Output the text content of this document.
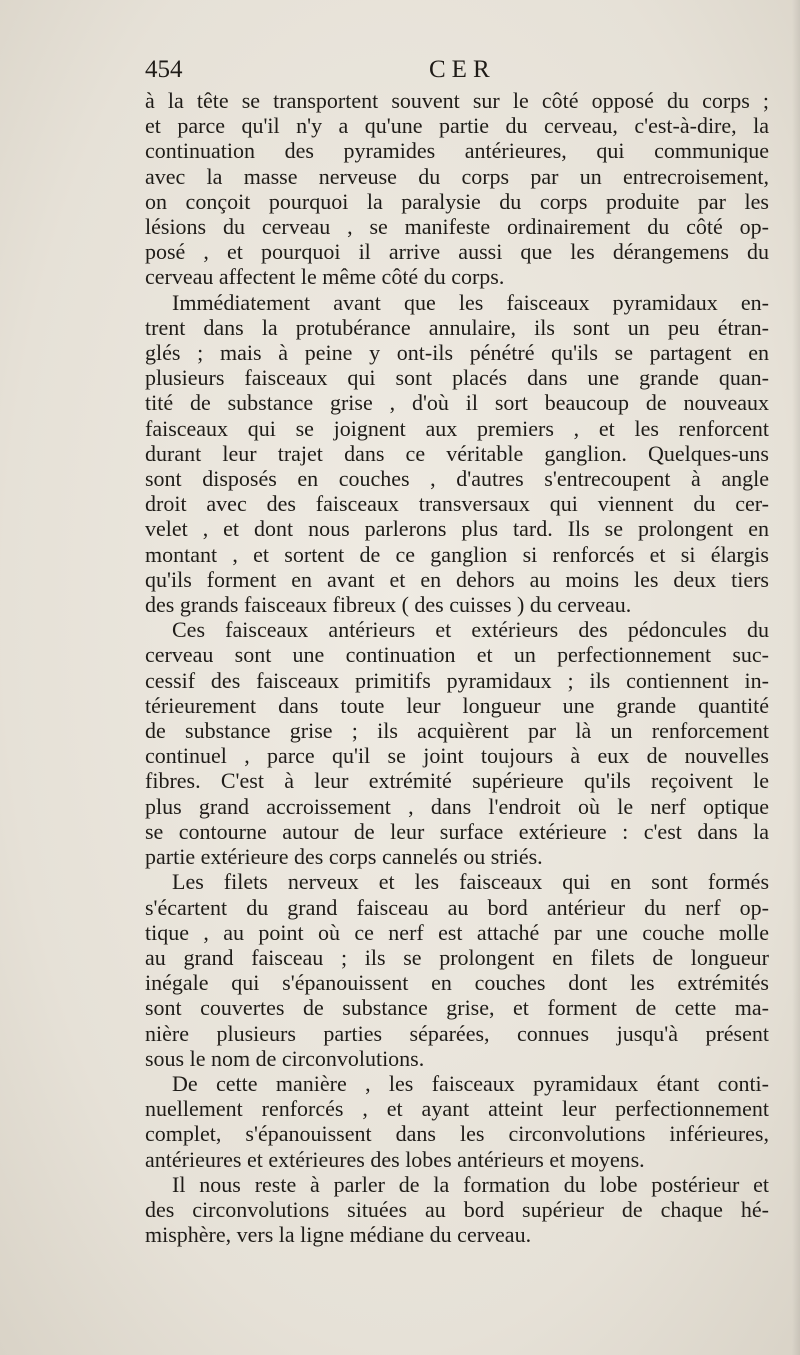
454	CER

à la tête se transportent souvent sur le côté opposé du corps ;
et parce qu'il n'y a qu'une partie du cerveau, c'est-à-dire, la
continuation des pyramides antérieures, qui communique
avec la masse nerveuse du corps par un entrecroisement,
on conçoit pourquoi la paralysie du corps produite par les
lésions du cerveau , se manifeste ordinairement du côté op-
posé , et pourquoi il arrive aussi que les dérangemens du
cerveau affectent le même côté du corps.

Immédiatement avant que les faisceaux pyramidaux en-
trent dans la protubérance annulaire, ils sont un peu étran-
glés ; mais à peine y ont-ils pénétré qu'ils se partagent en
plusieurs faisceaux qui sont placés dans une grande quan-
tité de substance grise , d'où il sort beaucoup de nouveaux
faisceaux qui se joignent aux premiers , et les renforcent
durant leur trajet dans ce véritable ganglion. Quelques-uns
sont disposés en couches , d'autres s'entrecoupent à angle
droit avec des faisceaux transversaux qui viennent du cer-
velet , et dont nous parlerons plus tard. Ils se prolongent en
montant , et sortent de ce ganglion si renforcés et si élargis
qu'ils forment en avant et en dehors au moins les deux tiers
des grands faisceaux fibreux ( des cuisses ) du cerveau.

Ces faisceaux antérieurs et extérieurs des pédoncules du
cerveau sont une continuation et un perfectionnement suc-
cessif des faisceaux primitifs pyramidaux ; ils contiennent in-
térieurement dans toute leur longueur une grande quantité
de substance grise ; ils acquièrent par là un renforcement
continuel , parce qu'il se joint toujours à eux de nouvelles
fibres. C'est à leur extrémité supérieure qu'ils reçoivent le
plus grand accroissement , dans l'endroit où le nerf optique
se contourne autour de leur surface extérieure : c'est dans la
partie extérieure des corps cannelés ou striés.

Les filets nerveux et les faisceaux qui en sont formés
s'écartent du grand faisceau au bord antérieur du nerf op-
tique , au point où ce nerf est attaché par une couche molle
au grand faisceau ; ils se prolongent en filets de longueur
inégale qui s'épanouissent en couches dont les extrémités
sont couvertes de substance grise, et forment de cette ma-
nière plusieurs parties séparées, connues jusqu'à présent
sous le nom de circonvolutions.

De cette manière , les faisceaux pyramidaux étant conti-
nuellement renforcés , et ayant atteint leur perfectionnement
complet, s'épanouissent dans les circonvolutions inférieures,
antérieures et extérieures des lobes antérieurs et moyens.

Il nous reste à parler de la formation du lobe postérieur et
des circonvolutions situées au bord supérieur de chaque hé-
misphère, vers la ligne médiane du cerveau.
